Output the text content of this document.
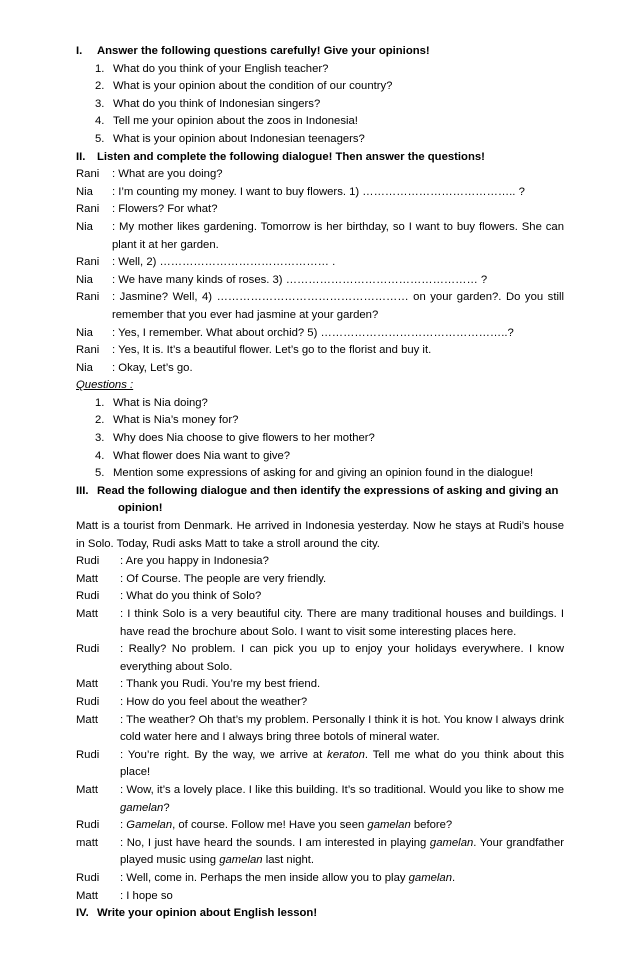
I. Answer the following questions carefully! Give your opinions!
1. What do you think of your English teacher?
2. What is your opinion about the condition of our country?
3. What do you think of Indonesian singers?
4. Tell me your opinion about the zoos in Indonesia!
5. What is your opinion about Indonesian teenagers?
II. Listen and complete the following dialogue! Then answer the questions!
Rani : What are you doing?
Nia : I’m counting my money. I want to buy flowers. 1) ………………………………….. ?
Rani : Flowers? For what?
Nia : My mother likes gardening. Tomorrow is her birthday, so I want to buy flowers. She can plant it at her garden.
Rani : Well, 2) ……………………………………… .
Nia : We have many kinds of roses. 3) …………………………………………… ?
Rani : Jasmine? Well, 4) …………………………………………… on your garden?. Do you still remember that you ever had jasmine at your garden?
Nia : Yes, I remember. What about orchid? 5) …………………………………………..?
Rani : Yes, It is. It’s a beautiful flower. Let’s go to the florist and buy it.
Nia : Okay, Let’s go.
Questions :
1. What is Nia doing?
2. What is Nia’s money for?
3. Why does Nia choose to give flowers to her mother?
4. What flower does Nia want to give?
5. Mention some expressions of asking for and giving an opinion found in the dialogue!
III. Read the following dialogue and then identify the expressions of asking and giving an
opinion!
Matt is a tourist from Denmark. He arrived in Indonesia yesterday. Now he stays at Rudi’s house in Solo. Today, Rudi asks Matt to take a stroll around the city.
Rudi : Are you happy in Indonesia?
Matt : Of Course. The people are very friendly.
Rudi : What do you think of Solo?
Matt : I think Solo is a very beautiful city. There are many traditional houses and buildings. I have read the brochure about Solo. I want to visit some interesting places here.
Rudi : Really? No problem. I can pick you up to enjoy your holidays everywhere. I know everything about Solo.
Matt : Thank you Rudi. You’re my best friend.
Rudi : How do you feel about the weather?
Matt : The weather? Oh that’s my problem. Personally I think it is hot. You know I always drink cold water here and I always bring three botols of mineral water.
Rudi : You’re right. By the way, we arrive at keraton. Tell me what do you think about this place!
Matt : Wow, it’s a lovely place. I like this building. It’s so traditional. Would you like to show me gamelan?
Rudi : Gamelan, of course. Follow me! Have you seen gamelan before?
matt : No, I just have heard the sounds. I am interested in playing gamelan. Your grandfather played music using gamelan last night.
Rudi : Well, come in. Perhaps the men inside allow you to play gamelan.
Matt : I hope so
IV. Write your opinion about English lesson!
